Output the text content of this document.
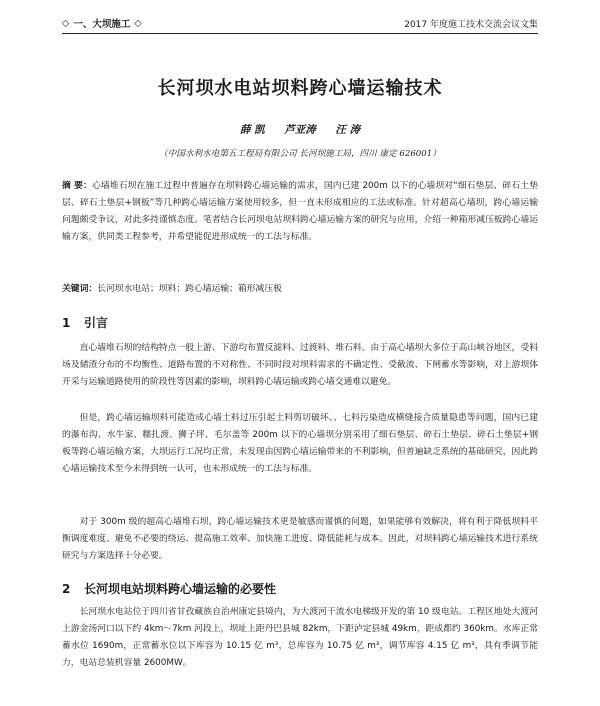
◇ 一、大坝施工 ◇	2017 年度施工技术交流会议文集
长河坝水电站坝料跨心墙运输技术
薛 凯 芦亚涛 汪 涛
（中国水利水电第五工程局有限公司 长河坝施工局，四川 康定 626001）
摘 要：心墙堆石坝在施工过程中普遍存在坝料跨心墙运输的需求，国内已建 200m 以下的心墙坝对“细石垫层、碎石土垫层、碎石土垫层+钢板”等几种跨心墙运输方案使用较多，但一直未形成相应的工法或标准。针对超高心墙坝，跨心墙运输问题颇受争议，对此多持谨慎态度。笔者结合长河坝电站坝料跨心墙运输方案的研究与应用，介绍一种箱形减压板跨心墙运输方案，供同类工程参考，并希望能促进形成统一的工法与标准。
关键词：长河坝水电站；坝料；跨心墙运输；箱形减压板
1 引言

直心墙堆石坝的结构特点一般上游、下游均布置反滤料、过渡料、堆石料。由于高心墙坝大多位于高山峡谷地区，受料场及储渣分布的不均衡性、道路布置的不对称性、不同时段对坝料需求的不确定性、受截流、下闸蓄水等影响，对上游坝体开采与运输道路使用的阶段性等因素的影响，坝料跨心墙运输或跨心墙交通难以避免。

但是，跨心墙运输坝料可能造成心墙土料过压引起土料剪切破坏、、七料污染造成横缝接合质量隐患等问题，国内已建的瀑布沟、水牛家、糯扎渡、狮子坪、毛尔盖等 200m 以下的心墙坝分别采用了细石垫层、碎石土垫层、碎石土垫层+钢板等跨心墙运输方案，大坝运行工况均正常，未发现由因跨心墙运输带来的不利影响，但普遍缺乏系统的基础研究，因此跨心墙运输技术至今未得到统一认可，也未形成统一的工法与标准。

对于 300m 级的超高心墙堆石坝，跨心墙运输技术更是敏感而谨慎的问题，如果能够有效解决，将有利于降低坝料平衡调度难度、避免不必要的绕运、提高施工效率、加快施工进度、降低能耗与成本。因此，对坝料跨心墙运输技术进行系统研究与方案选择十分必要。

2 长河坝电站坝料跨心墙运输的必要性

长河坝水电站位于四川省甘孜藏族自治州康定县境内，为大渡河干流水电梯级开发的第 10 级电站。工程区地处大渡河上游金汤河口以下约 4km～7km 河段上，坝址上距丹巴县城 82km，下距泸定县城 49km，距成都约 360km。水库正常蓄水位 1690m，正常蓄水位以下库容为 10.15 亿 m³，总库容为 10.75 亿 m³，调节库容 4.15 亿 m³，具有季调节能力，电站总装机容量 2600MW。
